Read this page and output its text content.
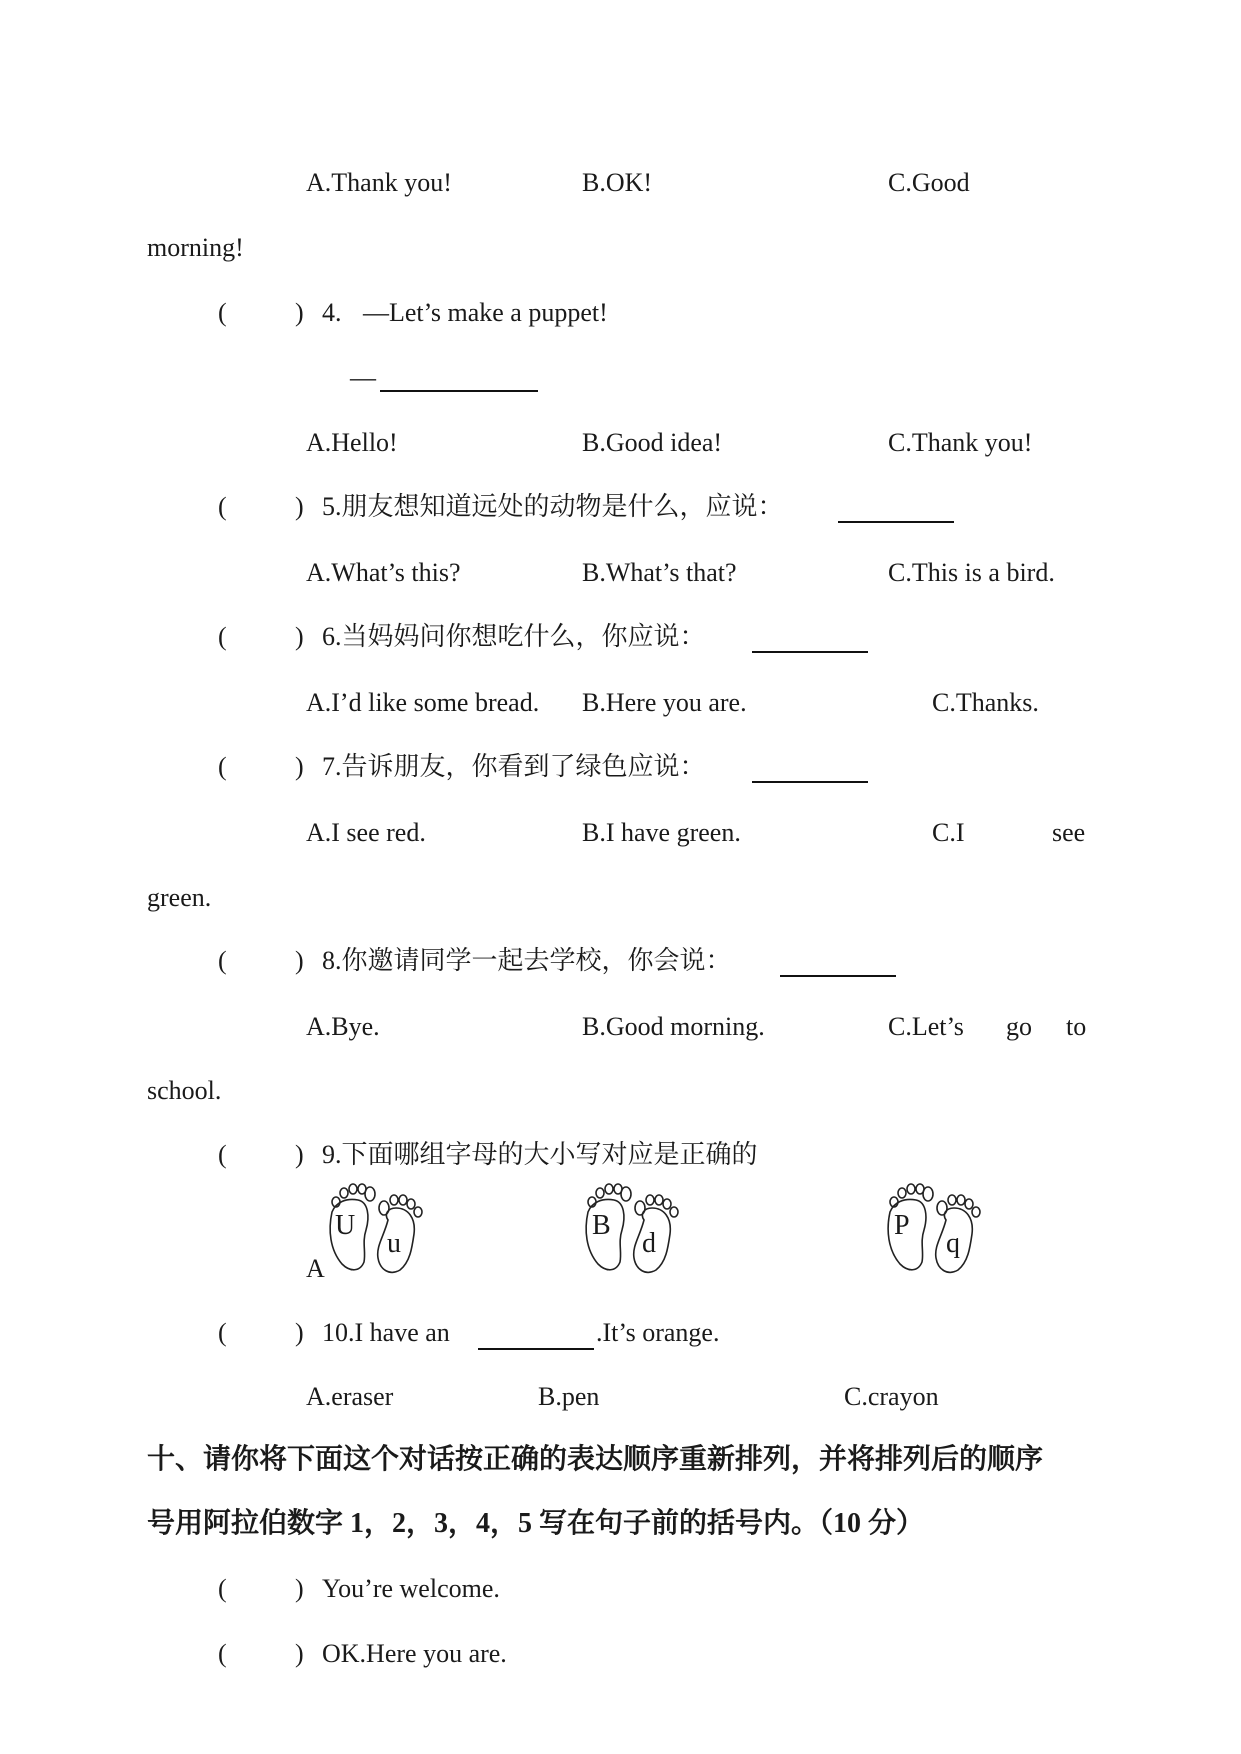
A.Thank you!	B.OK!	C.Good
morning!
(	) 4. —Let’s make a puppet!
—
A.Hello!	B.Good idea!	C.Thank you!
(	) 5.朋友想知道远处的动物是什么，应说：
A.What’s this?	B.What’s that?	C.This is a bird.
(	) 6.当妈妈问你想吃什么，你应说：
A.I’d like some bread. B.Here you are.	C.Thanks.
(	) 7.告诉朋友，你看到了绿色应说：
A.I see red.	B.I have green.	C.I	see
green.
(	) 8.你邀请同学一起去学校，你会说：
A.Bye.	B.Good morning.	C.Let’s go to
school.
(	) 9.下面哪组字母的大小写对应是正确的
A
U
u
B
d
P
q
(	) 10.I have an	.It’s orange.
A.eraser	B.pen	C.crayon
十、请你将下面这个对话按正确的表达顺序重新排列，并将排列后的顺序
号用阿拉伯数字 1，2，3，4，5 写在句子前的括号内。（10 分）
(	) You’re welcome.
(	) OK.Here you are.
